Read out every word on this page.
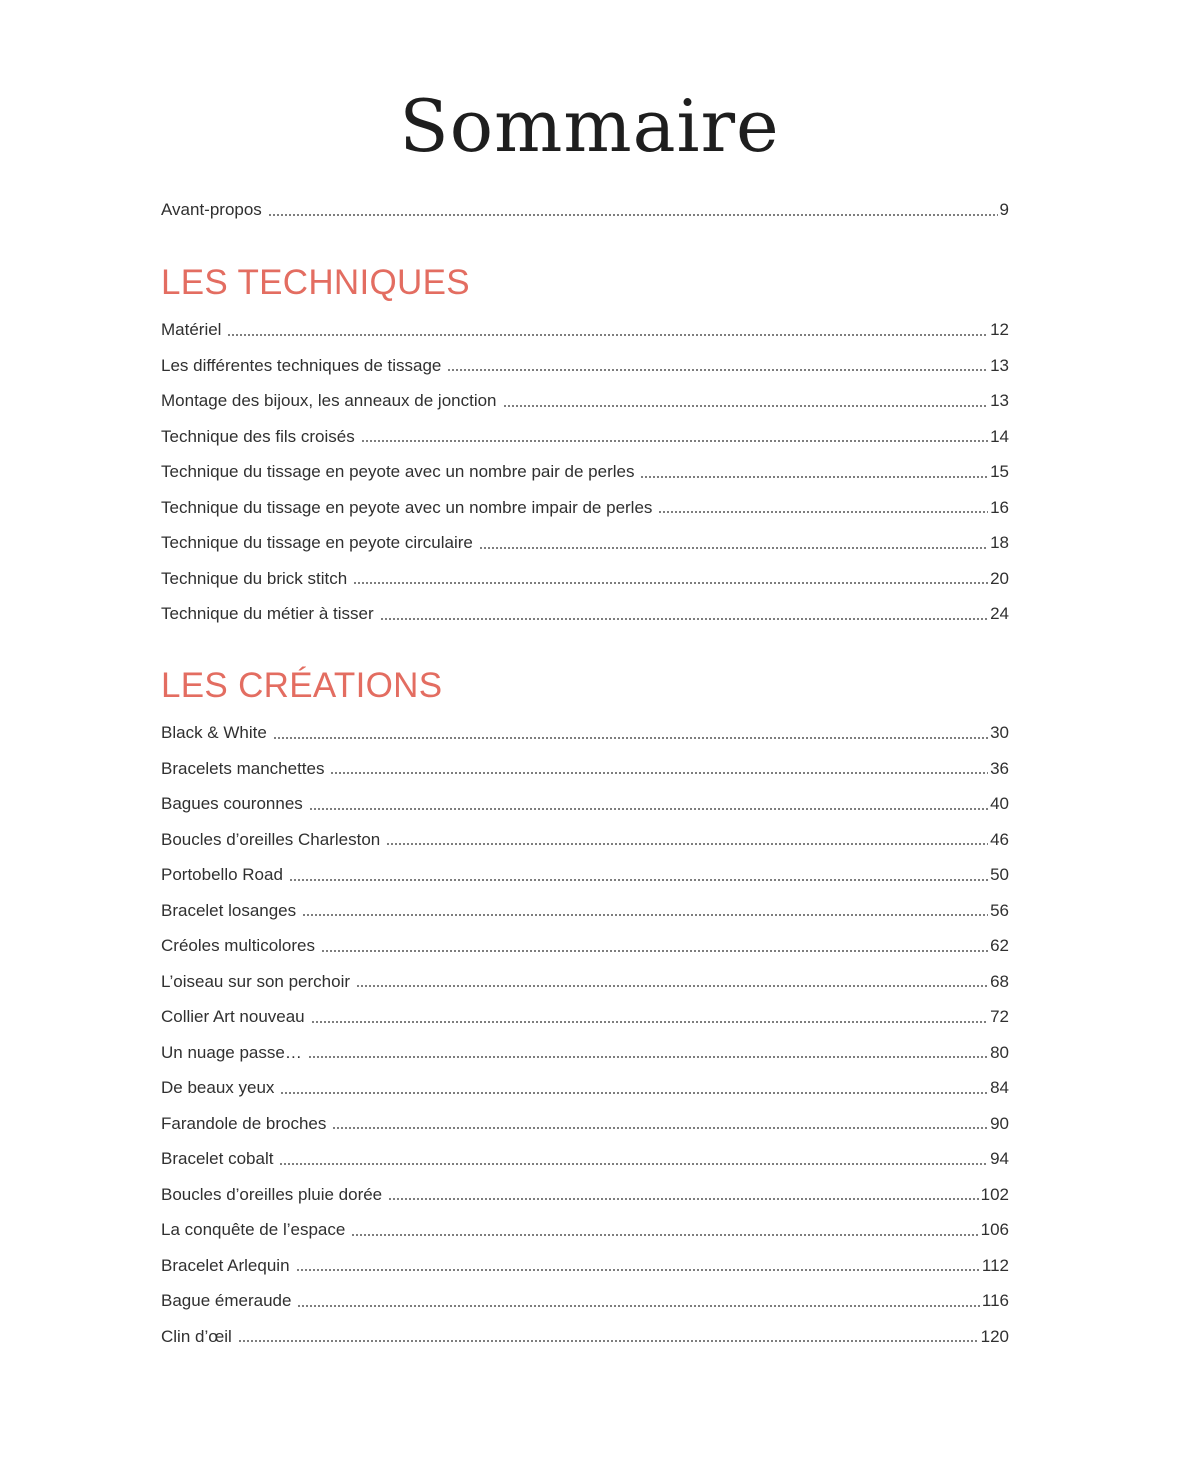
Sommaire
Avant-propos	9
LES TECHNIQUES
Matériel	12
Les différentes techniques de tissage	13
Montage des bijoux, les anneaux de jonction	13
Technique des fils croisés	14
Technique du tissage en peyote avec un nombre pair de perles	15
Technique du tissage en peyote avec un nombre impair de perles	16
Technique du tissage en peyote circulaire	18
Technique du brick stitch	20
Technique du métier à tisser	24
LES CRÉATIONS
Black & White	30
Bracelets manchettes	36
Bagues couronnes	40
Boucles d’oreilles Charleston	46
Portobello Road	50
Bracelet losanges	56
Créoles multicolores	62
L’oiseau sur son perchoir	68
Collier Art nouveau	72
Un nuage passe…	80
De beaux yeux	84
Farandole de broches	90
Bracelet cobalt	94
Boucles d’oreilles pluie dorée	102
La conquête de l’espace	106
Bracelet Arlequin	112
Bague émeraude	116
Clin d’œil	120
